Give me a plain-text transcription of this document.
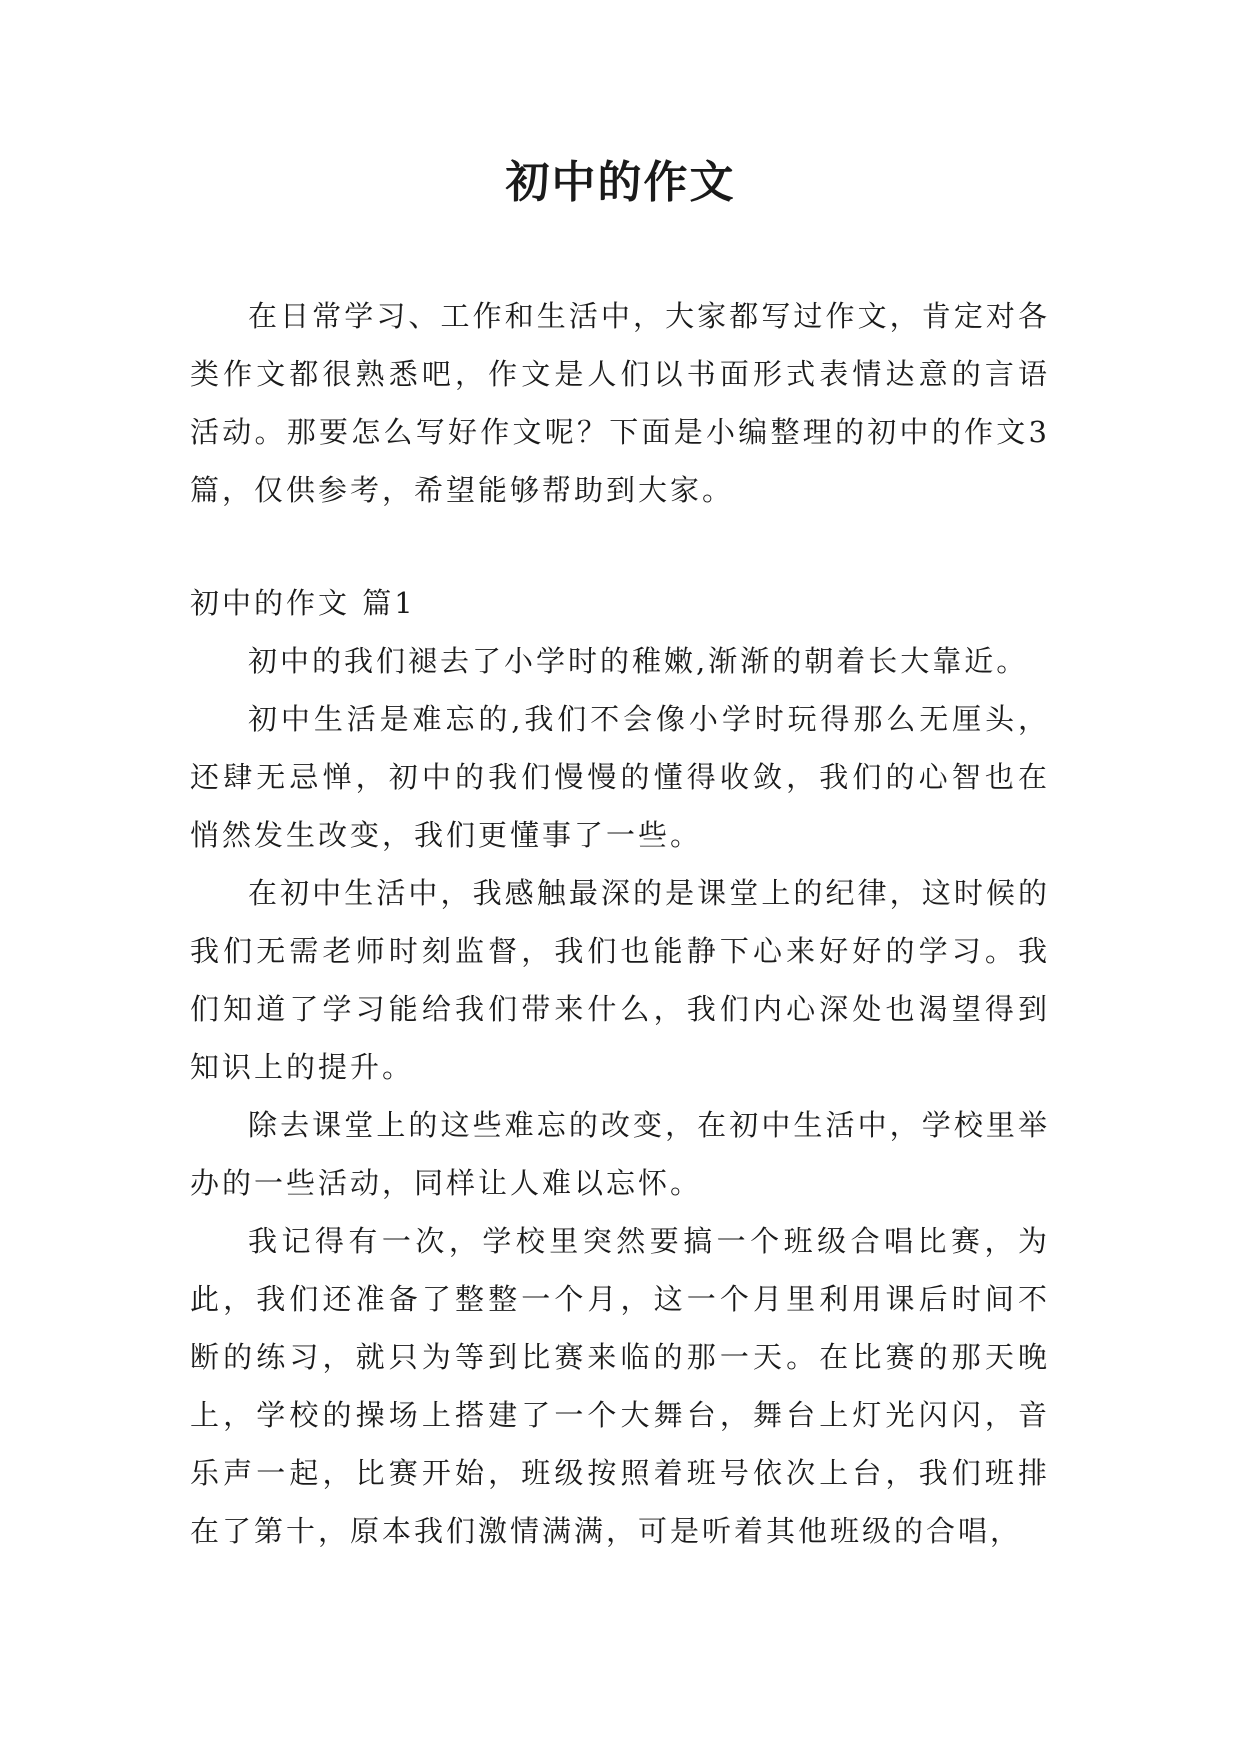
初中的作文

在日常学习、工作和生活中，大家都写过作文，肯定对各类作文都很熟悉吧，作文是人们以书面形式表情达意的言语活动。那要怎么写好作文呢？下面是小编整理的初中的作文3篇，仅供参考，希望能够帮助到大家。

初中的作文 篇1

初中的我们褪去了小学时的稚嫩,渐渐的朝着长大靠近。

初中生活是难忘的,我们不会像小学时玩得那么无厘头，还肆无忌惮，初中的我们慢慢的懂得收敛，我们的心智也在悄然发生改变，我们更懂事了一些。

在初中生活中，我感触最深的是课堂上的纪律，这时候的我们无需老师时刻监督，我们也能静下心来好好的学习。我们知道了学习能给我们带来什么，我们内心深处也渴望得到知识上的提升。

除去课堂上的这些难忘的改变，在初中生活中，学校里举办的一些活动，同样让人难以忘怀。

我记得有一次，学校里突然要搞一个班级合唱比赛，为此，我们还准备了整整一个月，这一个月里利用课后时间不断的练习，就只为等到比赛来临的那一天。在比赛的那天晚上，学校的操场上搭建了一个大舞台，舞台上灯光闪闪，音乐声一起，比赛开始，班级按照着班号依次上台，我们班排在了第十，原本我们激情满满，可是听着其他班级的合唱，
